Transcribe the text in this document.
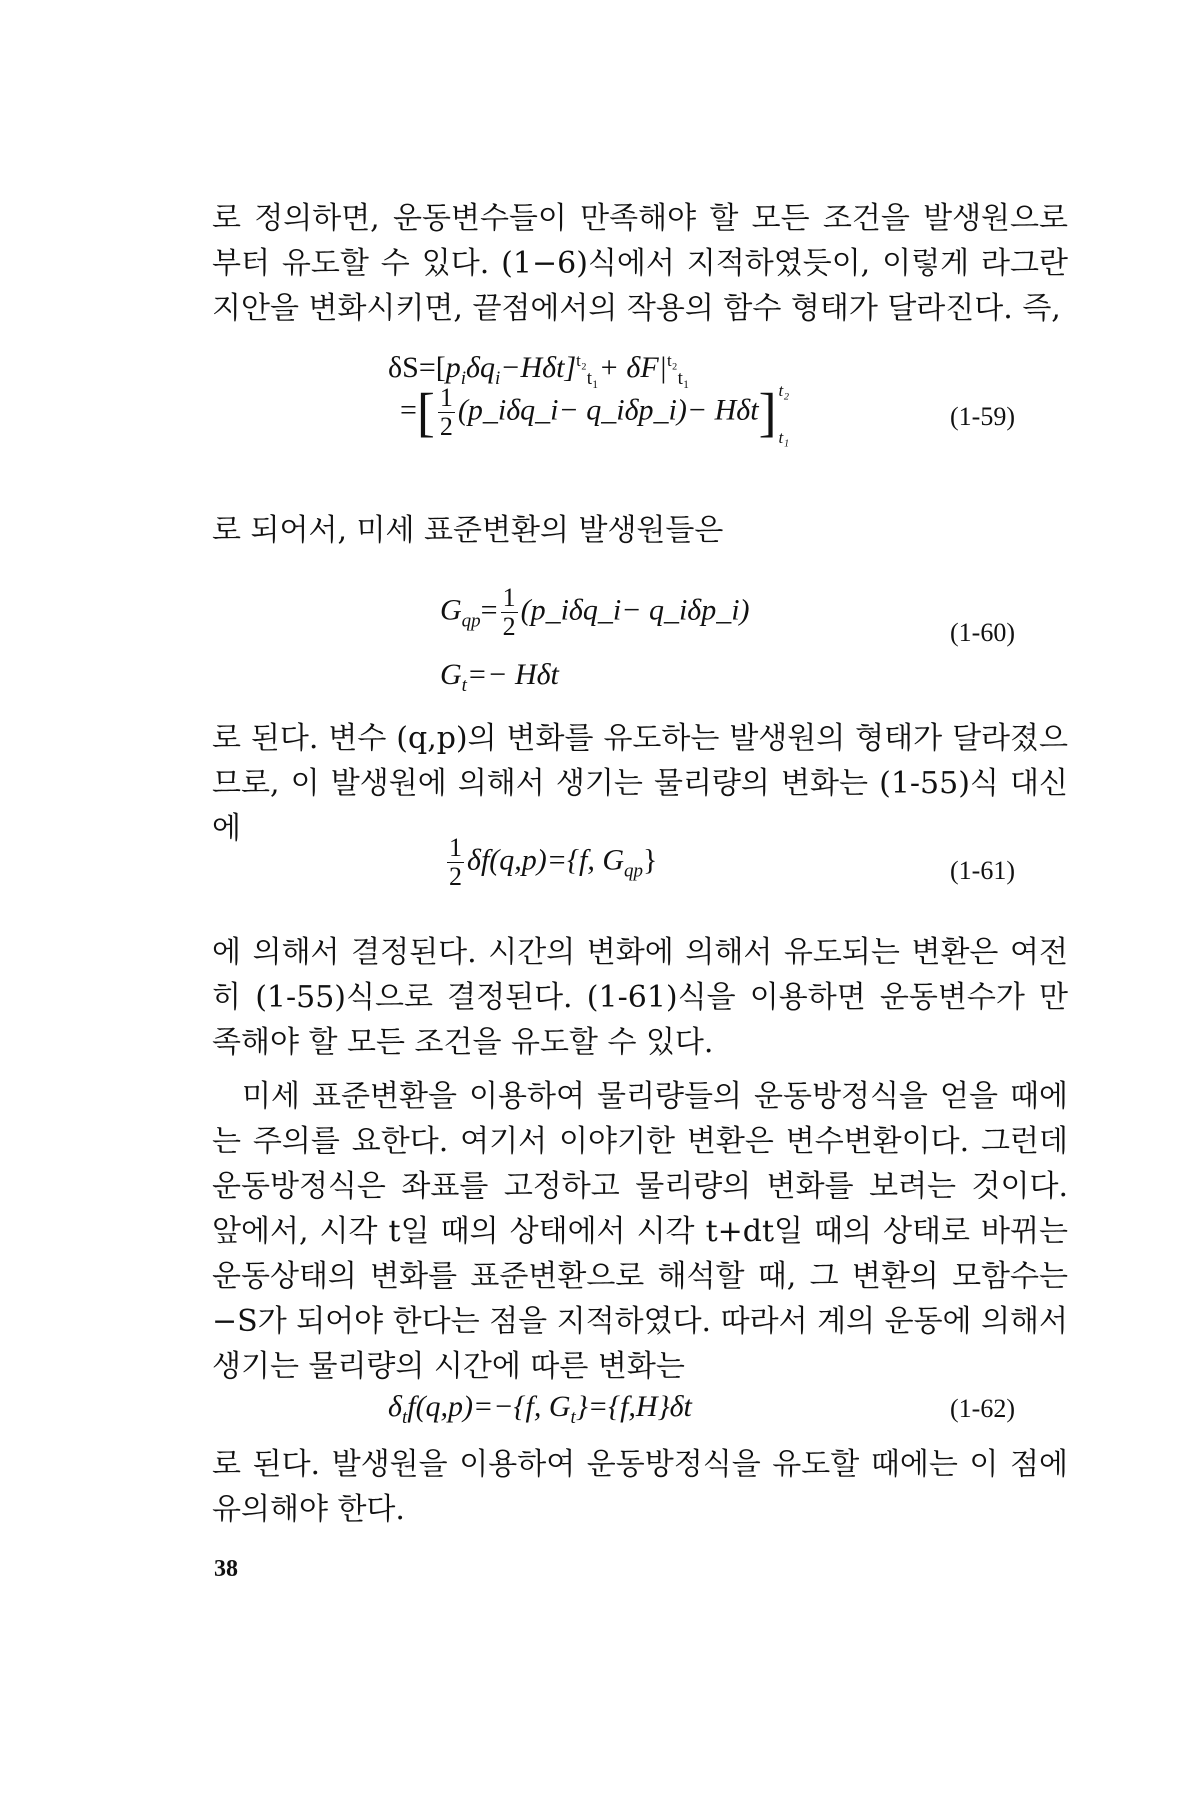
로 정의하면, 운동변수들이 만족해야 할 모든 조건을 발생원으로부터 유도할 수 있다. (1−6)식에서 지적하였듯이, 이렇게 라그란지안을 변화시키면, 끝점에서의 작용의 함수 형태가 달라진다. 즉,

$\delta S=[p_i\delta q_i-H\delta t]^{t_2}_{t_1}+ \delta F|^{t_2}_{t_1}$
=[ $\frac{1}{2}$ (p_iδq_i− q_iδp_i)− Hδt] t₂
t₁
(1-59)

로 되어서, 미세 표준변환의 발생원들은

$G_{qp}= \frac{1}{2}$ (p_iδq_i− q_iδp_i)
$G_t=- H\delta t$
(1-60)

로 된다. 변수 (q,p)의 변화를 유도하는 발생원의 형태가 달라졌으므로, 이 발생원에 의해서 생기는 물리량의 변화는 (1-55)식 대신에

$\frac{1}{2} \delta f(q,p)=\{f$, $G_{qp}$}	(1-61)

에 의해서 결정된다. 시간의 변화에 의해서 유도되는 변환은 여전히 (1-55)식으로 결정된다. (1-61)식을 이용하면 운동변수가 만족해야 할 모든 조건을 유도할 수 있다.

미세 표준변환을 이용하여 물리량들의 운동방정식을 얻을 때에는 주의를 요한다. 여기서 이야기한 변환은 변수변환이다. 그런데 운동방정식은 좌표를 고정하고 물리량의 변화를 보려는 것이다. 앞에서, 시각 t일 때의 상태에서 시각 t+dt일 때의 상태로 바뀌는 운동상태의 변화를 표준변환으로 해석할 때, 그 변환의 모함수는 −S가 되어야 한다는 점을 지적하였다. 따라서 계의 운동에 의해서 생기는 물리량의 시간에 따른 변화는

$\delta_tf(q,p)=-\{f$, $G_t\}=\{f,H\}\delta t$	(1-62)

로 된다. 발생원을 이용하여 운동방정식을 유도할 때에는 이 점에 유의해야 한다.

38
